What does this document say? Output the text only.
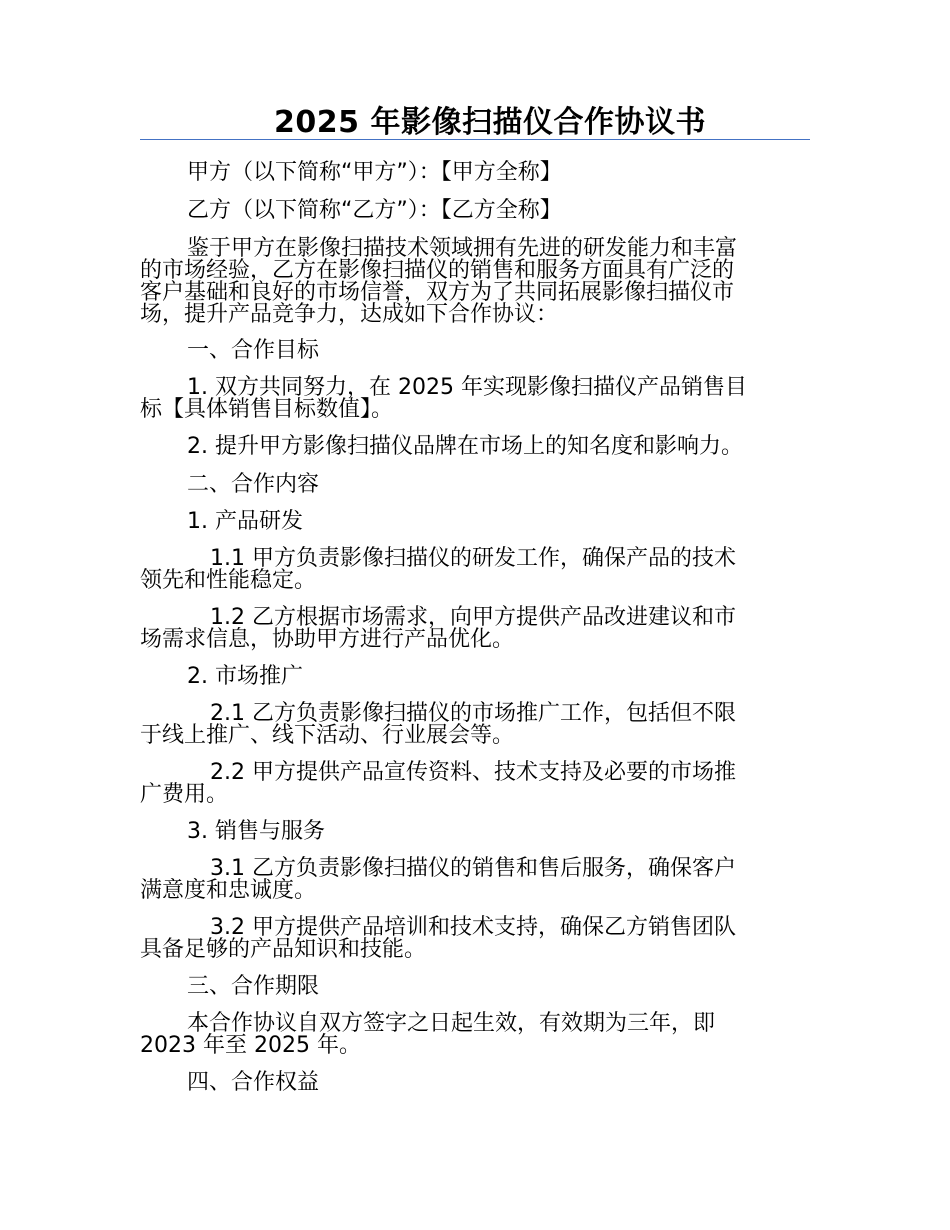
2025 年影像扫描仪合作协议书

甲方（以下简称“甲方”）：【甲方全称】

乙方（以下简称“乙方”）：【乙方全称】

鉴于甲方在影像扫描技术领域拥有先进的研发能力和丰富
的市场经验，乙方在影像扫描仪的销售和服务方面具有广泛的
客户基础和良好的市场信誉，双方为了共同拓展影像扫描仪市
场，提升产品竞争力，达成如下合作协议：

一、合作目标

1. 双方共同努力，在 2025 年实现影像扫描仪产品销售目
标【具体销售目标数值】。

2. 提升甲方影像扫描仪品牌在市场上的知名度和影响力。

二、合作内容

1. 产品研发

1.1 甲方负责影像扫描仪的研发工作，确保产品的技术
领先和性能稳定。

1.2 乙方根据市场需求，向甲方提供产品改进建议和市
场需求信息，协助甲方进行产品优化。

2. 市场推广

2.1 乙方负责影像扫描仪的市场推广工作，包括但不限
于线上推广、线下活动、行业展会等。

2.2 甲方提供产品宣传资料、技术支持及必要的市场推
广费用。

3. 销售与服务

3.1 乙方负责影像扫描仪的销售和售后服务，确保客户
满意度和忠诚度。

3.2 甲方提供产品培训和技术支持，确保乙方销售团队
具备足够的产品知识和技能。

三、合作期限

本合作协议自双方签字之日起生效，有效期为三年，即
2023 年至 2025 年。

四、合作权益
